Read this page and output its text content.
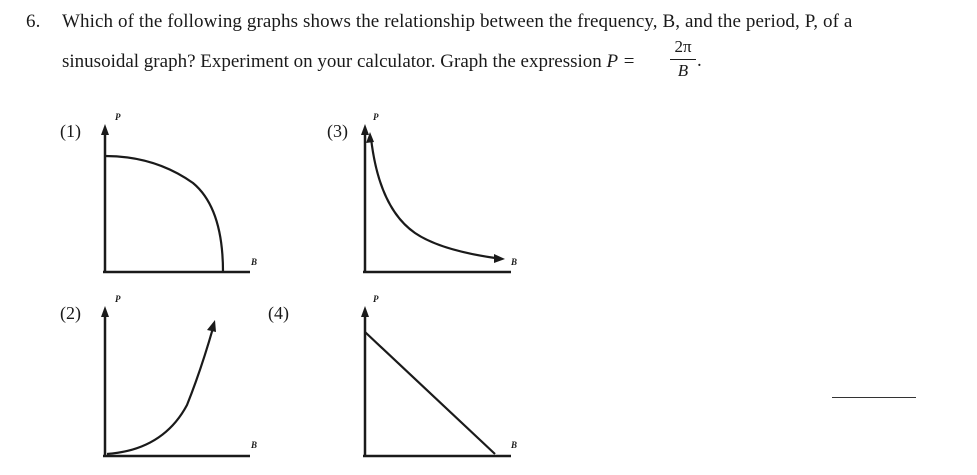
6. Which of the following graphs shows the relationship between the frequency, B, and the period, P, of a
sinusoidal graph? Experiment on your calculator. Graph the expression P =
2π
B .
(1)
(2)
(3)
(4)
P
B
P
B
P
B
P
B
